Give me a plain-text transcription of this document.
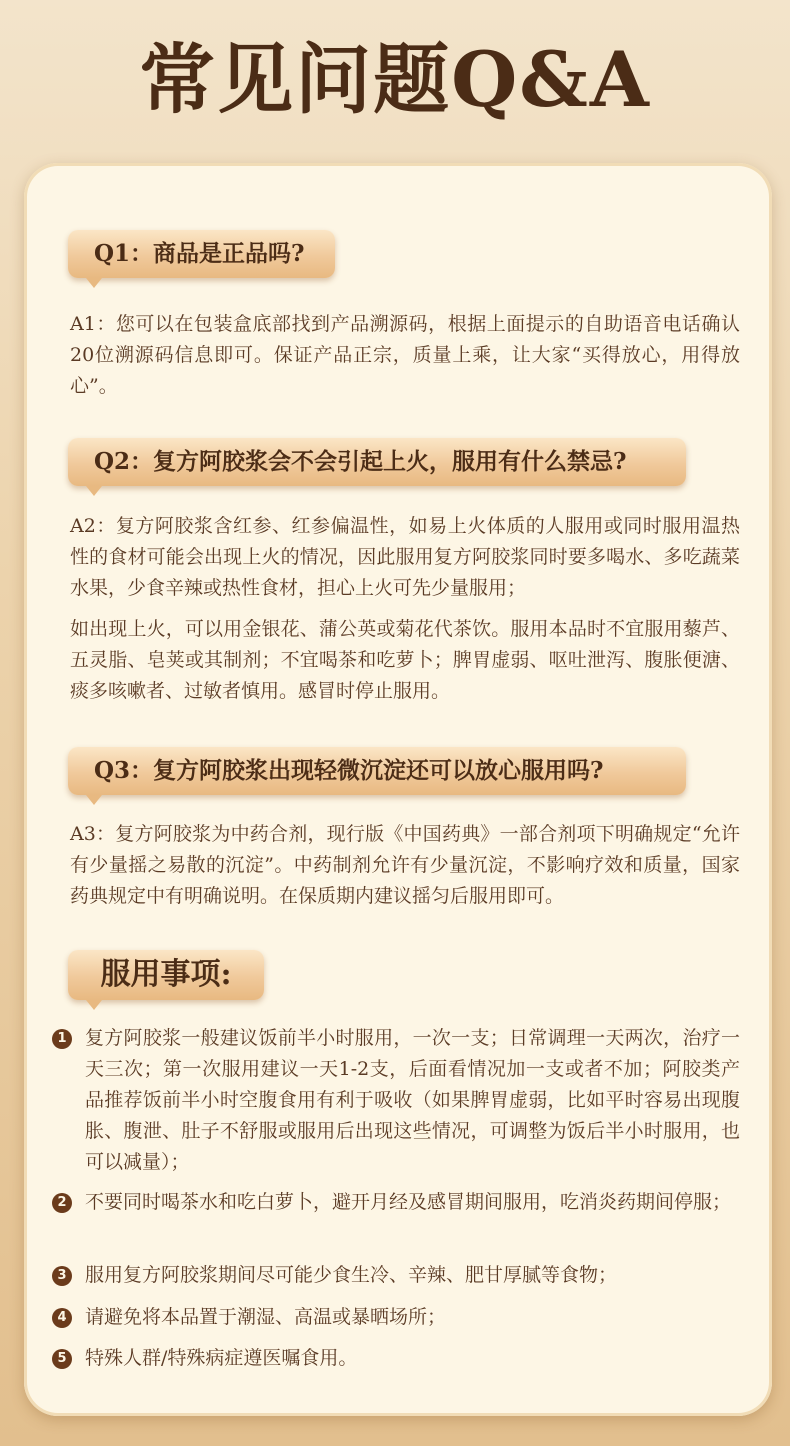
常见问题Q&A
Q1：商品是正品吗?

A1：您可以在包装盒底部找到产品溯源码，根据上面提示的自助语音电话确认20位溯源码信息即可。保证产品正宗，质量上乘，让大家“买得放心，用得放心”。

Q2：复方阿胶浆会不会引起上火，服用有什么禁忌?

A2：复方阿胶浆含红参、红参偏温性，如易上火体质的人服用或同时服用温热性的食材可能会出现上火的情况，因此服用复方阿胶浆同时要多喝水、多吃蔬菜水果，少食辛辣或热性食材，担心上火可先少量服用；

如出现上火，可以用金银花、蒲公英或菊花代茶饮。服用本品时不宜服用藜芦、五灵脂、皂荚或其制剂；不宜喝茶和吃萝卜；脾胃虚弱、呕吐泄泻、腹胀便溏、痰多咳嗽者、过敏者慎用。感冒时停止服用。

Q3：复方阿胶浆出现轻微沉淀还可以放心服用吗?

A3：复方阿胶浆为中药合剂，现行版《中国药典》一部合剂项下明确规定“允许有少量摇之易散的沉淀”。中药制剂允许有少量沉淀，不影响疗效和质量，国家药典规定中有明确说明。在保质期内建议摇匀后服用即可。

服用事项:
1 复方阿胶浆一般建议饭前半小时服用，一次一支；日常调理一天两次，治疗一天三次；第一次服用建议一天1-2支，后面看情况加一支或者不加；阿胶类产品推荐饭前半小时空腹食用有利于吸收（如果脾胃虚弱，比如平时容易出现腹胀、腹泄、肚子不舒服或服用后出现这些情况，可调整为饭后半小时服用，也可以减量）；

2 不要同时喝茶水和吃白萝卜，避开月经及感冒期间服用，吃消炎药期间停服；

3 服用复方阿胶浆期间尽可能少食生冷、辛辣、肥甘厚腻等食物；

4 请避免将本品置于潮湿、高温或暴晒场所；

5 特殊人群/特殊病症遵医嘱食用。
